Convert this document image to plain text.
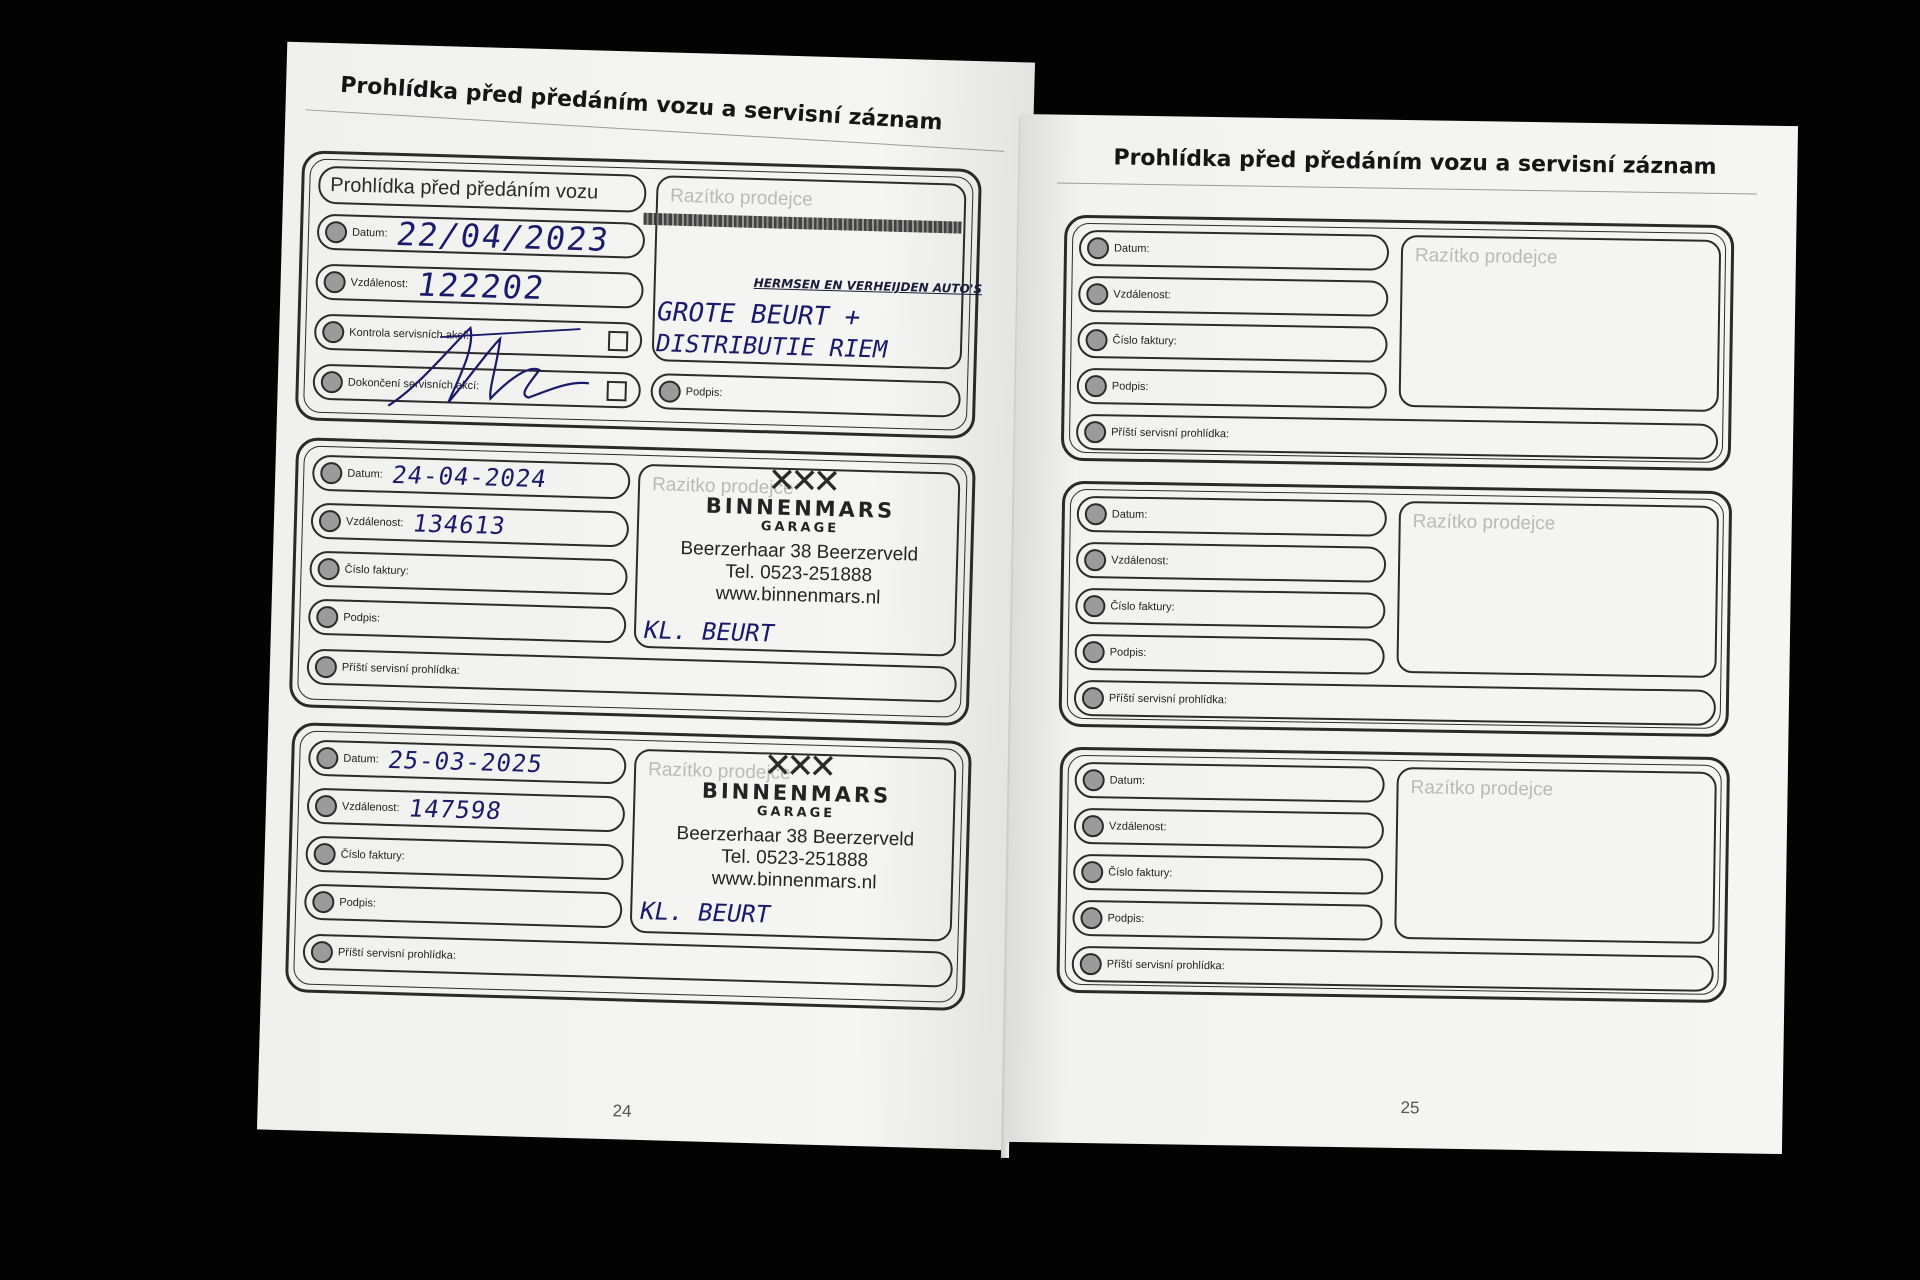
Prohlídka před předáním vozu a servisní záznam
Prohlídka před předáním vozu
Datum: 22/04/2023
Vzdálenost: 122202
Kontrola servisních akcí:
Dokončení servisních akcí:
Razítko prodejce
HERMSEN EN VERHEIJDEN AUTO'S
GROTE BEURT +
DISTRIBUTIE RIEM
Podpis:
Datum: 24-04-2024
Vzdálenost: 134613
Číslo faktury:
Podpis:
Příští servisní prohlídka:
Razitko prodejce
✕✕✕
BINNENMARS
GARAGE
Beerzerhaar 38 Beerzerveld
Tel. 0523-251888
www.binnenmars.nl
KL. BEURT
Datum: 25-03-2025
Vzdálenost: 147598
Číslo faktury:
Podpis:
Příští servisní prohlídka:
Razítko prodejce
✕✕✕
BINNENMARS
GARAGE
Beerzerhaar 38 Beerzerveld
Tel. 0523-251888
www.binnenmars.nl
KL. BEURT
24
Prohlídka před předáním vozu a servisní záznam
Datum:
Vzdálenost:
Číslo faktury:
Podpis:
Příští servisní prohlídka:
Razítko prodejce
Datum:
Vzdálenost:
Číslo faktury:
Podpis:
Příští servisní prohlídka:
Razítko prodejce
Datum:
Vzdálenost:
Číslo faktury:
Podpis:
Příští servisní prohlídka:
Razítko prodejce
25
